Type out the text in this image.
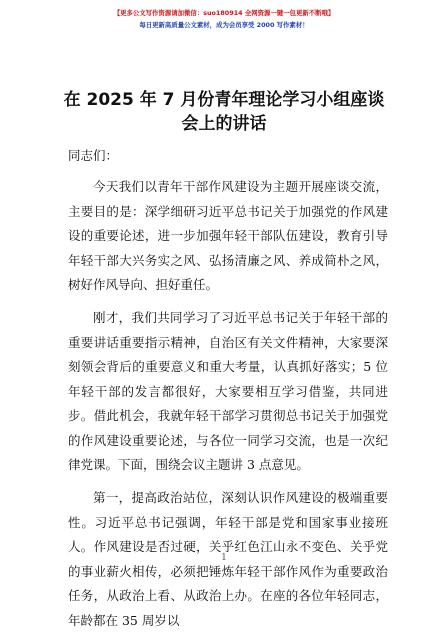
【更多公文写作资源请加微信：suo180914 全网资源一键一包更新不断哦】
每日更新高质量公文素材，成为会员享受 2000 写作素材！
在 2025 年 7 月份青年理论学习小组座谈会上的讲话
同志们：

今天我们以青年干部作风建设为主题开展座谈交流，主要目的是：深学细研习近平总书记关于加强党的作风建设的重要论述，进一步加强年轻干部队伍建设，教育引导年轻干部大兴务实之风、弘扬清廉之风、养成简朴之风，树好作风导向、担好重任。

刚才，我们共同学习了习近平总书记关于年轻干部的重要讲话重要指示精神，自治区有关文件精神，大家要深刻领会背后的重要意义和重大考量，认真抓好落实；5 位年轻干部的发言都很好，大家要相互学习借鉴，共同进步。借此机会，我就年轻干部学习贯彻总书记关于加强党的作风建设重要论述，与各位一同学习交流，也是一次纪律党课。下面，围绕会议主题讲 3 点意见。

第一，提高政治站位，深刻认识作风建设的极端重要性。习近平总书记强调，年轻干部是党和国家事业接班人。作风建设是否过硬，关乎红色江山永不变色、关乎党的事业薪火相传，必须把锤炼年轻干部作风作为重要政治任务，从政治上看、从政治上办。在座的各位年轻同志，年龄都在 35 周岁以

1
